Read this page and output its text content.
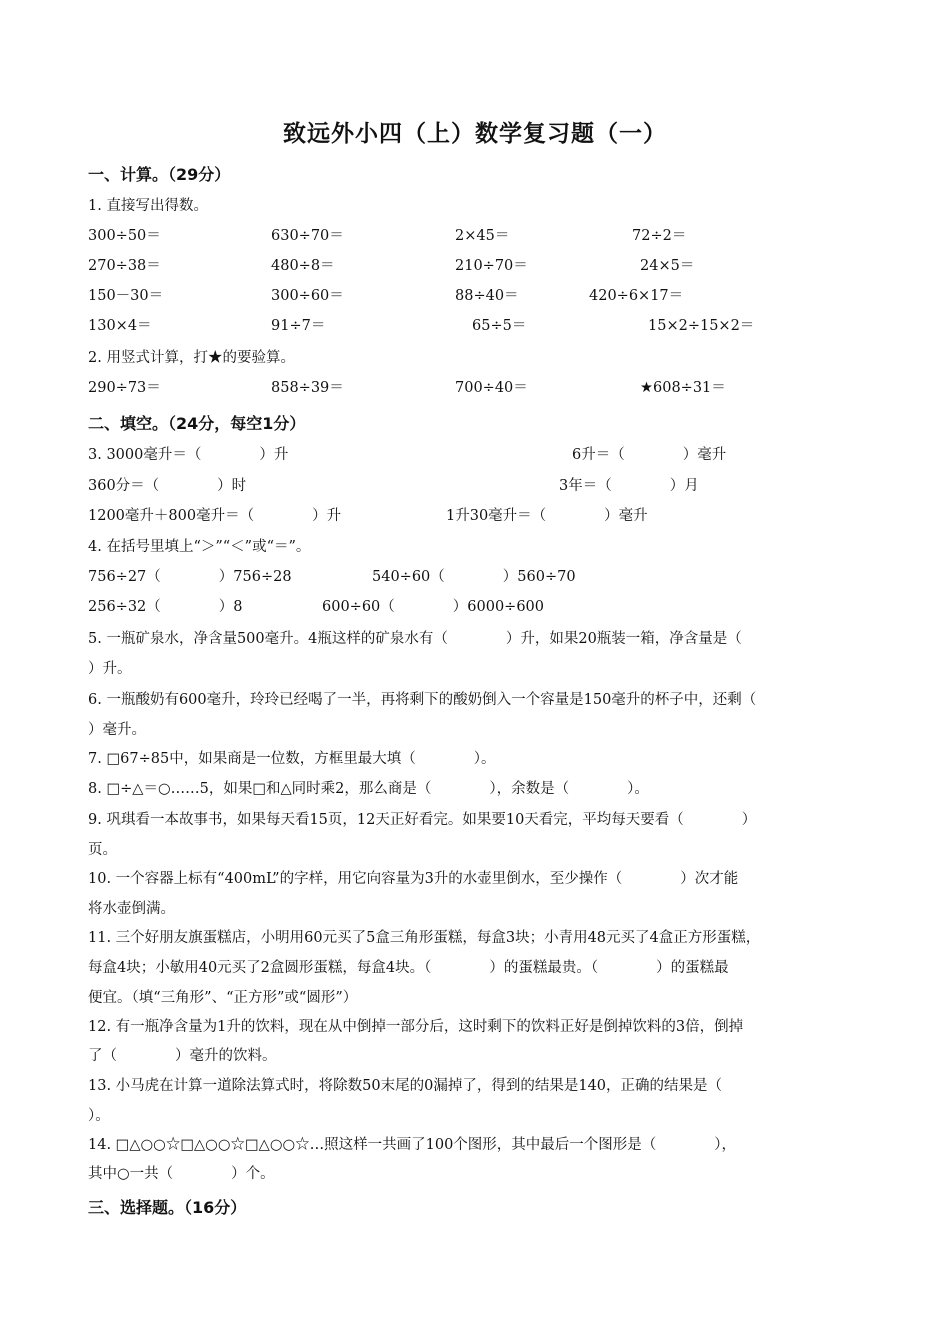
致远外小四（上）数学复习题（一）
一、计算。（29分）
1. 直接写出得数。
300÷50＝	630÷70＝	2×45＝	72÷2＝
270÷38＝	480÷8＝	210÷70＝	24×5＝
150－30＝	300÷60＝	88÷40＝	420÷6×17＝
130×4＝	91÷7＝	65÷5＝	15×2÷15×2＝
2. 用竖式计算，打★的要验算。
290÷73＝	858÷39＝	700÷40＝	★608÷31＝
二、填空。（24分，每空1分）
3. 3000毫升＝（　　　　）升	6升＝（　　　　）毫升
360分＝（　　　　）时	3年＝（　　　　）月
1200毫升＋800毫升＝（　　　　）升	1升30毫升＝（　　　　）毫升
4. 在括号里填上“＞”“＜”或“＝”。
756÷27（　　　　）756÷28	540÷60（　　　　）560÷70
256÷32（　　　　）8	600÷60（　　　　）6000÷600
5. 一瓶矿泉水，净含量500毫升。4瓶这样的矿泉水有（　　　　）升，如果20瓶装一箱，净含量是（
）升。
6. 一瓶酸奶有600毫升，玲玲已经喝了一半，再将剩下的酸奶倒入一个容量是150毫升的杯子中，还剩（
）毫升。
7. □67÷85中，如果商是一位数，方框里最大填（　　　　）。
8. □÷△＝○……5，如果□和△同时乘2，那么商是（　　　　），余数是（　　　　）。
9. 巩琪看一本故事书，如果每天看15页，12天正好看完。如果要10天看完，平均每天要看（　　　　）
页。
10. 一个容器上标有“400mL”的字样，用它向容量为3升的水壶里倒水，至少操作（　　　　）次才能
将水壶倒满。
11. 三个好朋友旗蛋糕店，小明用60元买了5盒三角形蛋糕，每盒3块；小青用48元买了4盒正方形蛋糕，
每盒4块；小敏用40元买了2盒圆形蛋糕，每盒4块。（　　　　）的蛋糕最贵。（　　　　）的蛋糕最
便宜。（填“三角形”、“正方形”或“圆形”）
12. 有一瓶净含量为1升的饮料，现在从中倒掉一部分后，这时剩下的饮料正好是倒掉饮料的3倍，倒掉
了（　　　　）毫升的饮料。
13. 小马虎在计算一道除法算式时，将除数50末尾的0漏掉了，得到的结果是140，正确的结果是（
）。
14. □△○○☆□△○○☆□△○○☆…照这样一共画了100个图形，其中最后一个图形是（　　　　），
其中○一共（　　　　）个。
三、选择题。（16分）
